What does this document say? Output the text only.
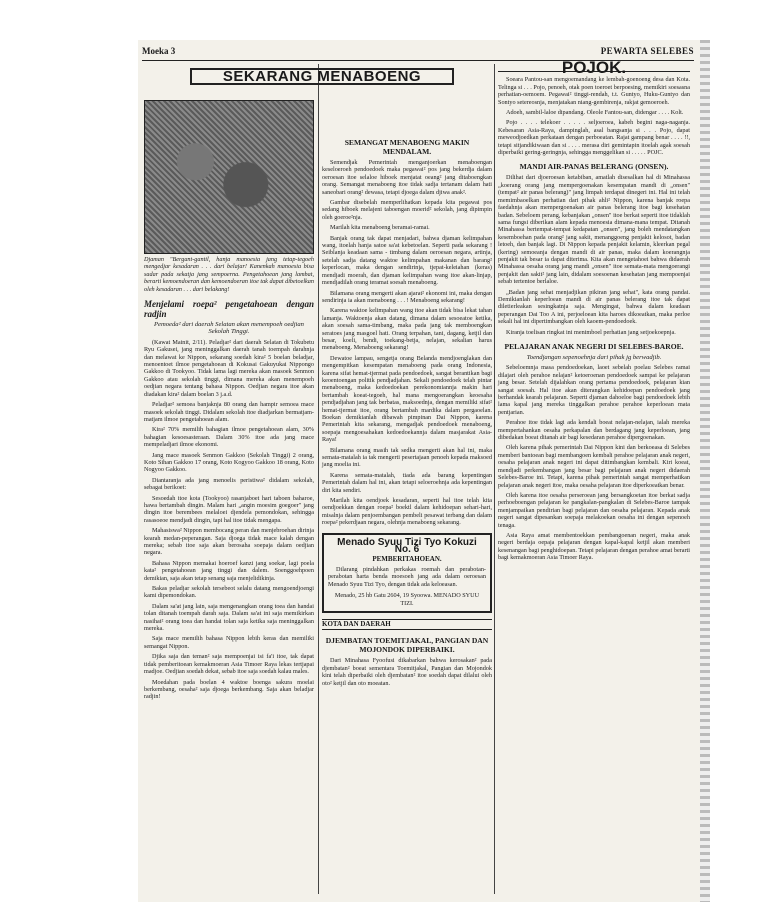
Moeka 3	PEWARTA SELEBES
SEKARANG MENABOENG
Djaman "Bergant-gantil, hanja manoesia jang tetap-tegoeh mengedjar kesadaran . . . dari belajar! Kanenkah manoesia bisa sadar pada sekatja jang sempoerna. Pengetahoean jang lambat, berarti kemoendoeran dan kemoendoeran itoe tak dapat dibetoelkan oleh kesadaran . . . dari belakang!
Menjelami roepa² pengetahoean dengan radjin
Pemoeda² dari daerah Selatan akan menempoeh oedjian Sekolah Tinggi.

(Kawat Mainit, 2/11). Peladjar² dari daerah Selatan di Tokubetu Ryu Gakusei, jang meninggalkan daerah tanah toempah darahnja dan melawat ke Nippon, sekarang soedah kira² 5 boelan beladjar, menoentoet ilmoe pengetahoean di Kokusai Gakuyukai Nippongo Gakkoo di Tookyoo. Tidak lama lagi mereka akan masoek Senmon Gakkoo atau sekolah tinggi, dimana mereka akan menempoeh oedjian negara tentang bahasa Nippon. Oedjian negara itoe akan diadakan kira² dalam boelan 3 j.a.d.

Peladjar² semoea banjaknja 80 orang dan hampir semoea mace masoek sekolah tinggi. Didalam sekolah itoe diadjarkan bermatjam-matjam ilmoe pengetahoean alam.

Kira² 70% memilih bahagian ilmoe pengetahoean alam, 30% bahagian kesoesasteraan. Dalam 30% itoe ada jang mace mempeladjari ilmoe ekonomi.

Jang mace masoek Senmon Gakkoo (Sekolah Tinggi) 2 orang, Koto Sihan Gakkoo 17 orang, Koto Kogyoo Gakkoo 18 orang, Koto Nogyoo Gakkoo.

Diantaranja ada jang menoelis peristiwa² didalam sekolah, sebagai berikoet:

Sesoedah itoe kota (Tookyoo) rasanjaboet hari taboen baharoe, hawa bertambah dingin. Malam hari „angin moesim goegoer" jang dingin itoe berembees melaloei djendela pemondokan, sehingga rasasoeoe mendjadi dingin, tapi hal itoe tidak mengapa.

Mahasiswa² Nippon membocang peran dan menjebroehan dirinja kearah medan-peperangan. Saja djoega tidak mace kalah dengan mereka; sebab itoe saja akan berosaha soepaja dalam oedjian negara.

Bahasa Nippon memakai hoeroef kanzi jang soekar, lagi poela kata² pengetahoean jang tinggi dan dalem. Soenggoehpoen demikian, saja akan tetap senang saja menjelidikinja.

Bakas peladjar sekolah tersebeot selalu datang mengoendjoengi kami dipemondokan.

Dalam sa'at jang lain, saja mengenangkan orang toea dan handai tolan ditanah toempah darah saja. Dalam sa'at ini saja memikirkan nasihat² orang toea dan handai tolan saja ketika saja meninggalkan mereka.

Saja mace memilih bahasa Nippon lebih keras dan memiliki semangat Nippon.

Djika saja dan teman² saja mempoenjai isi fa'i itoe, tak dapat tidak pemberitoean kemakmoeran Asia Timoer Raya lekas tertjapai madjoe. Oedjian soedah dekat, sebab itoe saja soedah kalau males.

Moedahan pada boelan 4 waktoe boenga sakura moelai berkembang, oesaha² saja djoega berkembang. Saja akan beladjar radjin!

SEMANGAT MENABOENG MAKIN MENDALAM.

Semendjak Pemerintah menganjoerkan menaboengan keseloeroeh pendoedoek maka pegawai² pos jang bekerdja dalam oeroesan itoe selaloe hiboek menjatat oeang² jang ditaboengkan orang. Semangat menaboeng itoe tidak sadja tertanam dalam hati saneobari orang² dewasa, tetapi djoega dalam djiwa anak².

Gambar disebelah memperlihatkan kepada kita pegawai pos sedang hiboek melajeni taboengan moerid² sekolah, jang dipimpin oleh goeroe²nja.

Marilah kita menaboeng beramai-ramai.

Banjak orang tak dapat menjadari, bahwa djaman kelimpahan wang, itoelah hanja satoe sa'at kebetoelan. Seperti pada sekarang ! Seiblanja keadaan sama - timbang dalam oeroesan negara, artinja, setelah sadja datang waktoe kelimpahan makanan dan barang² keperlocan, maka dengan sendirinja, tjepat-keleiahan (keras) mendjadi moerah, dan djaman kelimpahan wang itoe akan-linjap, mendjadilah orang teramat soesah menaboeng.

Bilamana orang mengerti akan ajarat² ekonomi ini, maka dengan sendirinja ia akan menaboeng . . . ! Menaboeng sekarang!

Karena waktoe kelimpahan wang itoe akan tidak bisa lekat tahan lamanja. Waktoenja akan datang, dimana dalam sesoeatoe ketika, akan soesah sama-timbang, maka pada jang tak memboengkan seratoes jang masgoel hati. Orang terpahan, tani, dagang, ketjil dan besar, koeli, bendi, toekang-betja, nelajan, sekalian harus menaboeng. Menaboeng sekarang!

Dewatoe lampau, sengetja orang Belanda mendjoenglakan dan mengempitkan kesempatan menaboeng pada orang Indonesia, karena sifat hemat-tjermat pada pendoedoek, sangat berantikan bagi keoentoengan politik pendjadjahan. Sekali pendoedoek telah pintar menaboeng, maka kedoedoekan perekonomiannja makin hari bertambah koeat-tegoeh, hal mana mengoerangkan keoesaha pendjadjahan jang tak berbatas, maksoednja, dengan memiliki sifat² hemat-tjermat itoe, orang bertambah mardika dalam pergaoelan. Boekan demikianlah dibawah pimpinan Dai Nippon, karena Pemerintah kita sekarang, mengadjak pendoedoek menaboeng, soepaja mengoesahakan kedoedoekannja dalam masjarakat Asia-Raya!

Bilamana orang masih tak sedka mengerti akan hal ini, maka semata-matalah ia tak mengerti pesertajaan penoeh kepada maksoed jang moelia ini.

Karena semata-matalah, tiada ada barang kepentingan Pemerintah dalam hal ini, akan tetapi seloeroehnja ada kepentingan diri kita sendiri.

Marilah kita oendjoek kesadaran, seperti hal itoe telah kita oendjoekkan dengan roepa² boektl dalam kehidoepan sehari-hari, misalnja dalam penjoembangan pembeli pesawat terbang dan dalam roepa² pekerdjaan negara, olehnja menaboeng sekarang.

Menado Syuu Tizi Tyo Kokuzi No. 6
PEMBERITAHOEAN.

Dilarang pindahkan perkakas roemah dan perabotan-perabotan harta benda moesoeh jang ada dalam oeroesan Menado Syuu Tizi Tyo, dengan tidak ada keloeasan.

Menado, 25 hb Gatu 2604, 19 Syoowa. MENADO SYUU TIZI.
KOTA DAN DAERAH
DJEMBATAN TOEMITJAKAL, PANGIAN DAN MOJONDOK DIPERBAIKI.

Dari Minahasa Fyoofusi dikabarkan bahwa kerosakan² pada djembatan² boeat sementara Toemitjakal, Pangian dan Mojondok kini telah diperbaiki oleh djembatan² itoe soedah dapat dilalui oleh oto² ketjil dan oto moeatan.

POJOK.

Soeara Pantou-san mengoemandang ke lembah-goenoeng desa dan Kota. Telinga si . . . Pojo, penoeh, otak poen toeroet berpoesing, memikiri soesasna perhatian-oemoem. Pegawai² tinggi-rendah, t.t. Guntyo, Huku-Guntyo dan Sontyo setereosnja, menjatakan niang-gembirenja, rakjat gemoeroeh.

Adoeh, sambil-laloe dipandang. Oleole Fantou-san, didengar . . . . Kolt.

Pojo . . . . telekoer . . . . . seljoeroea, kabeh begini naga-naganja. Kebesaran Asia-Raya, dampinglah, asal bangsanja si . . . Pojo, dapat meweodjoedkan perkataan dengan perboeatan. Rajat gampang benar . . . . !!, tetapi sitjandikiwaan dan si . . . . merasa diri gemintapin itoelah agak soesah diperbaiki gering-geringnja, sehingga menggelikan si . . . . . POJC.

MANDI AIR-PANAS BELERANG (ONSEN).

Dilihat dari djoeroesan ketabiban, amatlah disesalkan hal di Minahassa „koerang orang jang mempergoenakan kesempatan mandi di „onsen" (tempat² air panas belerang)" jang limpah terdapat dinegeri ini. Hal ini telah memimbaoelkan perhatian dari pihak ahli² Nippon, karena banjak roepa faedahnja akan mempergoenakan air panas belerang itoe bagi kesehatan badan. Sebeloem perang, kebanjakan „onsen" itoe berkat seperti itoe tidaklah sama fungsi diberikan alam kepada menoesia dimana-mana tempat. Ditanah Minahassa bertempat-tempat kedapatan „onsen", jang boleh mendatangkan kesemboehan pada orang² jang sakit, menanggoeng penjakit kelosot, badan letoeh, dan banjak lagi. Di Nippon kepada penjakit kelamin, kleerkan pegal (kering) semoeanja dengan mandi di air panas, maka dalam koerangnja penjakit tak besar ia dapat diterima. Kita akan mengetahoei bahwa didaerah Minahassa oesaha orang jang mandi „onsen" itoe semata-mata mengoerangi penjakit dan sakit² jang lain, didalam soesoenan kesehatan jang mempoenjai sebab tertentoe berlaloe.

„Badan jang sehat menjadjikan pikiran jang sehat", kata orang pandai. Demikianlah keperloean mandi di air panas belerang itoe tak dapat diletierleakan sesingkatnja saja. Mengingat, bahwa dalam keadaan peperangan Dai Too A ini, perjoeloean kita haroes dikoeatkan, maka perloe sekali hal ini dipertimbangkan oleh kaoem-pendoedoek.

Kiranja toelisan ringkat ini menimboel perhatian jang setjoekoepnja.

PELAJARAN ANAK NEGERI DI SELEBES-BAROE.
Toendjangan sepenoehnja dari pihak jg berwadjib.

Sebeloemnja masa pendoedoekan, laoet sebelah poelau Selebes ramai dilajari oleh perahoe nelajan² ketoeroenan pendoedoek sampai ke pelajaran jang besar. Setelah dijalahkan orang pertama pendoedoek, pelajaran kian sangat soesah. Hal itoe akan diterangkan kehidoepan pendoedoek jang berhandak kearah pelajaran. Seperti djaman dahoeloe bagi pendoedoek lebih lama kapal jang mereka tinggalkan perahoe perahoe keperloean mata pentjarian.

Perahoe itoe tidak lagi ada kendali boeat nelajan-nelajan, ialah mereka mempertahankan oesaha perkapalan dan berdagang jang keperloean, jang dibedakan boeat ditanah air bagi kesedaran perahoe dipergoenakan.

Oleh karena pihak pemerintah Dai Nippon kini dan berkoeasa di Selebes memberi bantoean bagi membangoen kembali perahoe pelajaran anak negeri, oesaha pelajaran anak negeri ini dapat ditimbangkan kembali. Kiri koeat, mendjadi perkembangan jang besar bagi pelajaran anak negeri didaerah Selebes-Baroe ini. Tetapi, karena pihak pemerintah sangat memperhatikan pelajaran anak negeri itoe, maka oesaha pelajaran itoe diperkoeatkan benar.

Oleh karena itoe oesaha perseroean jang bersangkoetan itoe berkat sadja perhoeboengan pelajaran ke pangkalan-pangkalan di Selebes-Baroe tampak menjampaikan pendirian bagi pelajaran dan oesaha pelajaran. Kepada anak negeri sangat dipesankan soepaja melakoekan oesaha ini dengan sepenoeh tenaga.

Asia Raya amat membentoekkan pembangoenan negeri, maka anak negeri berdaja oepaja pelajaran dengan kapal-kapal ketjil akan memberi kesenangan bagi penghidoepan. Tetapi pelajaran dengan perahoe amat berarti bagi kemakmoeran Asia Timoer Raya.
